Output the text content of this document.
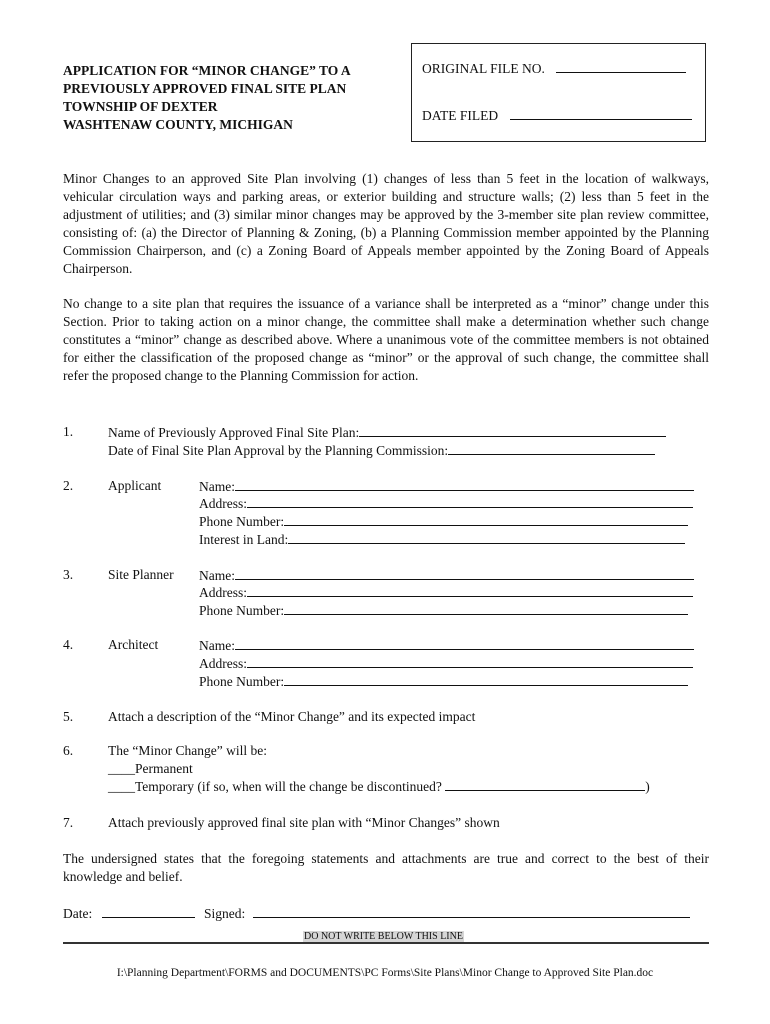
APPLICATION FOR “MINOR CHANGE” TO A
PREVIOUSLY APPROVED FINAL SITE PLAN
TOWNSHIP OF DEXTER
WASHTENAW COUNTY, MICHIGAN
ORIGINAL FILE NO.
DATE FILED
Minor Changes to an approved Site Plan involving (1) changes of less than 5 feet in the location of walkways, vehicular circulation ways and parking areas, or exterior building and structure walls; (2) less than 5 feet in the adjustment of utilities; and (3) similar minor changes may be approved by the 3-member site plan review committee, consisting of: (a) the Director of Planning & Zoning, (b) a Planning Commission member appointed by the Planning Commission Chairperson, and (c) a Zoning Board of Appeals member appointed by the Zoning Board of Appeals Chairperson.
No change to a site plan that requires the issuance of a variance shall be interpreted as a “minor” change under this Section. Prior to taking action on a minor change, the committee shall make a determination whether such change constitutes a “minor” change as described above. Where a unanimous vote of the committee members is not obtained for either the classification of the proposed change as “minor” or the approval of such change, the committee shall refer the proposed change to the Planning Commission for action.
1.	Name of Previously Approved Final Site Plan:
Date of Final Site Plan Approval by the Planning Commission:
2.	Applicant	Name:
Address:
Phone Number:
Interest in Land:
3.	Site Planner Name:
Address:
Phone Number:
4.	Architect	Name:
Address:
Phone Number:
5.	Attach a description of the “Minor Change” and its expected impact
6.	The “Minor Change” will be:
____Permanent
____Temporary (if so, when will the change be discontinued?	)
7.	Attach previously approved final site plan with “Minor Changes” shown
The undersigned states that the foregoing statements and attachments are true and correct to the best of their knowledge and belief.
Date:	Signed:
DO NOT WRITE BELOW THIS LINE
I:\Planning Department\FORMS and DOCUMENTS\PC Forms\Site Plans\Minor Change to Approved Site Plan.doc
